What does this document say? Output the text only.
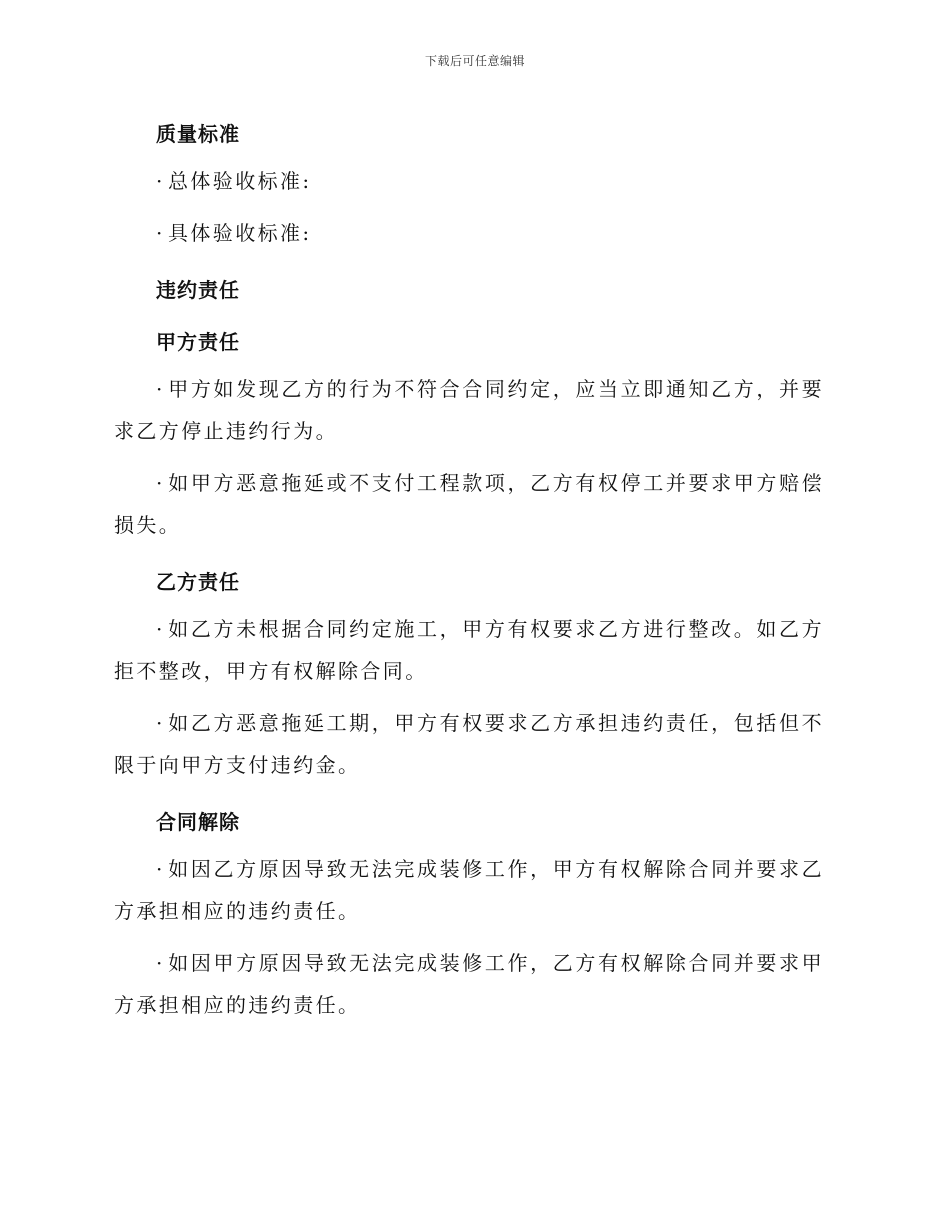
下载后可任意编辑
质量标准

· 总体验收标准:

· 具体验收标准:

违约责任
甲方责任

· 甲方如发现乙方的行为不符合合同约定，应当立即通知乙方，并要求乙方停止违约行为。

· 如甲方恶意拖延或不支付工程款项，乙方有权停工并要求甲方赔偿损失。

乙方责任

· 如乙方未根据合同约定施工，甲方有权要求乙方进行整改。如乙方拒不整改，甲方有权解除合同。

· 如乙方恶意拖延工期，甲方有权要求乙方承担违约责任，包括但不限于向甲方支付违约金。

合同解除

· 如因乙方原因导致无法完成装修工作，甲方有权解除合同并要求乙方承担相应的违约责任。

· 如因甲方原因导致无法完成装修工作，乙方有权解除合同并要求甲方承担相应的违约责任。
